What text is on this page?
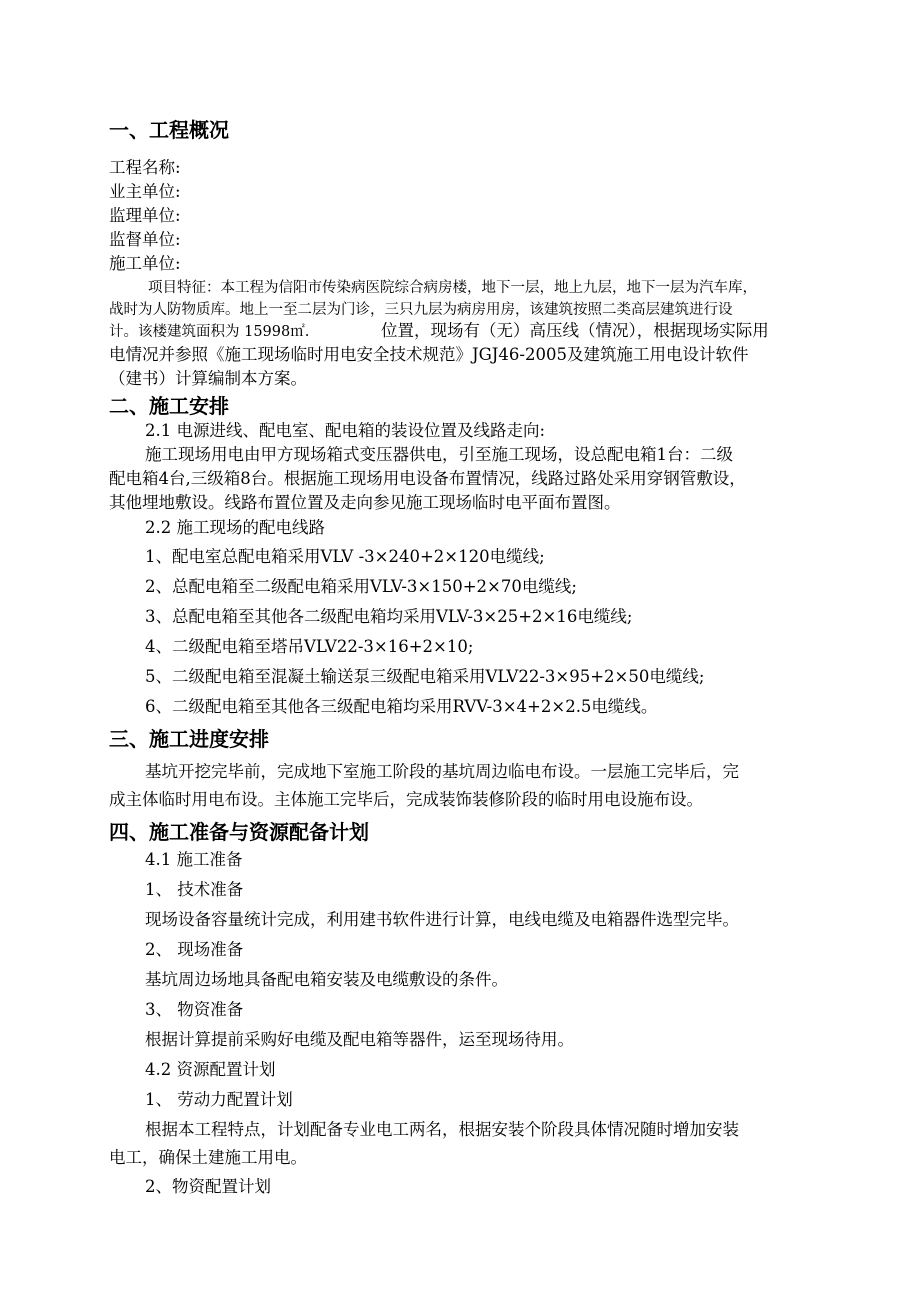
一、工程概况
工程名称:
业主单位:
监理单位:
监督单位:
施工单位:
项目特征：本工程为信阳市传染病医院综合病房楼，地下一层，地上九层，地下一层为汽车库，
战时为人防物质库。地上一至二层为门诊，三只九层为病房用房，该建筑按照二类高层建筑进行设
计。该楼建筑面积为 15998㎡.	位置，现场有（无）高压线（情况），根据现场实际用
电情况并参照《施工现场临时用电安全技术规范》JGJ46-2005及建筑施工用电设计软件
（建书）计算编制本方案。
二、施工安排
2.1 电源进线、配电室、配电箱的装设位置及线路走向:
施工现场用电由甲方现场箱式变压器供电，引至施工现场，设总配电箱1台：二级
配电箱4台,三级箱8台。根据施工现场用电设备布置情况，线路过路处采用穿钢管敷设，
其他埋地敷设。线路布置位置及走向参见施工现场临时电平面布置图。
2.2 施工现场的配电线路
1、配电室总配电箱采用VLV -3×240+2×120电缆线;
2、总配电箱至二级配电箱采用VLV-3×150+2×70电缆线;
3、总配电箱至其他各二级配电箱均采用VLV-3×25+2×16电缆线;
4、二级配电箱至塔吊VLV22-3×16+2×10;
5、二级配电箱至混凝土输送泵三级配电箱采用VLV22-3×95+2×50电缆线;
6、二级配电箱至其他各三级配电箱均采用RVV-3×4+2×2.5电缆线。
三、施工进度安排
基坑开挖完毕前，完成地下室施工阶段的基坑周边临电布设。一层施工完毕后，完
成主体临时用电布设。主体施工完毕后，完成装饰装修阶段的临时用电设施布设。
四、施工准备与资源配备计划
4.1 施工准备
1、 技术准备
现场设备容量统计完成，利用建书软件进行计算，电线电缆及电箱器件选型完毕。
2、 现场准备
基坑周边场地具备配电箱安装及电缆敷设的条件。
3、 物资准备
根据计算提前采购好电缆及配电箱等器件，运至现场待用。
4.2 资源配置计划
1、 劳动力配置计划
根据本工程特点，计划配备专业电工两名，根据安装个阶段具体情况随时增加安装
电工，确保土建施工用电。
2、物资配置计划
